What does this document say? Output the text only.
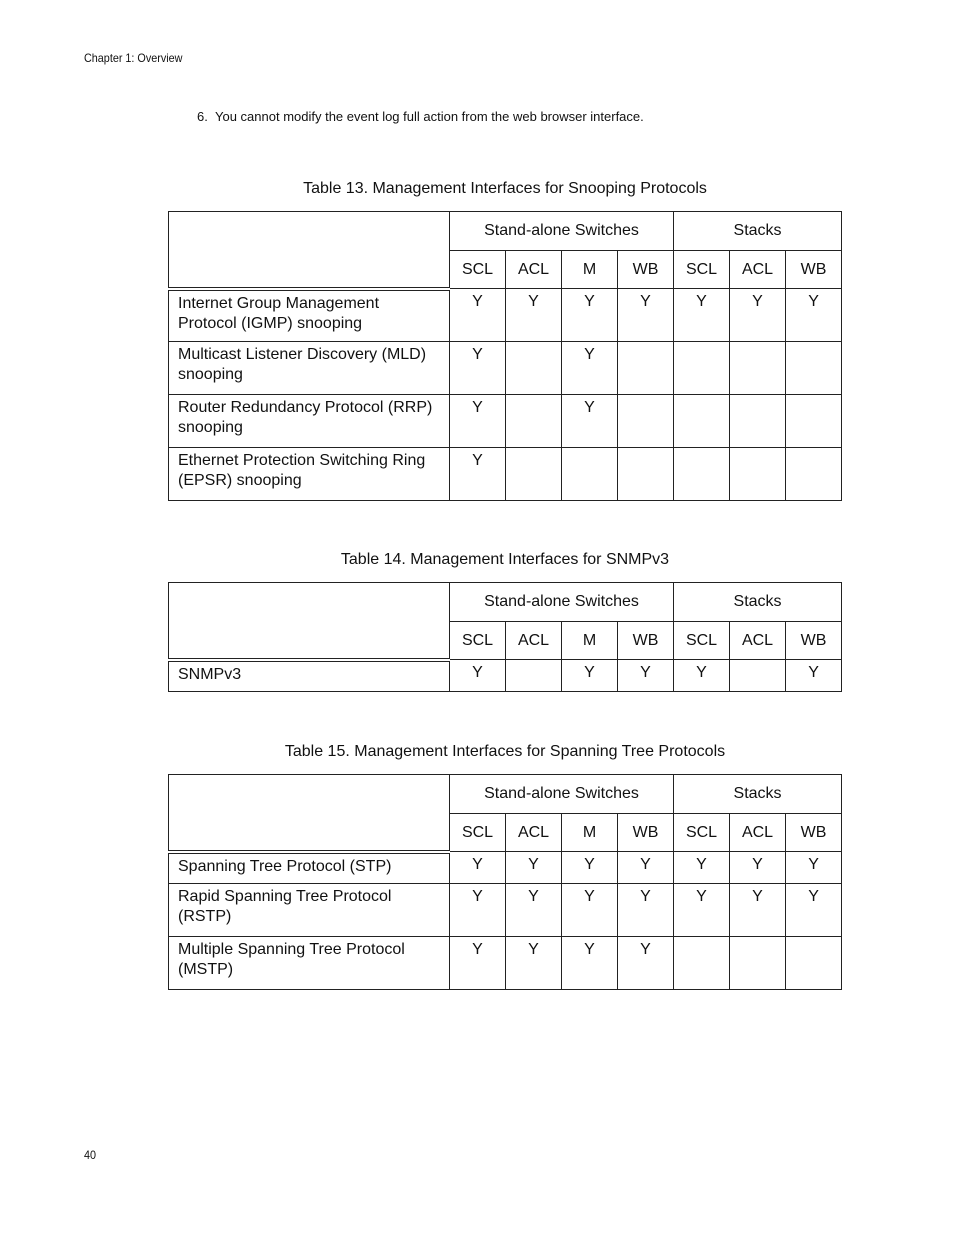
Chapter 1: Overview
6. You cannot modify the event log full action from the web browser interface.
Table 13. Management Interfaces for Snooping Protocols
	Stand-alone Switches				Stacks		
	SCL	ACL	M	WB	SCL	ACL	WB
Internet Group Management Protocol (IGMP) snooping	Y	Y	Y	Y	Y	Y	Y
Multicast Listener Discovery (MLD) snooping	Y		Y				
Router Redundancy Protocol (RRP) snooping	Y		Y				
Ethernet Protection Switching Ring (EPSR) snooping	Y						
Table 14. Management Interfaces for SNMPv3
	Stand-alone Switches				Stacks		
	SCL	ACL	M	WB	SCL	ACL	WB
SNMPv3	Y		Y	Y	Y		Y
Table 15. Management Interfaces for Spanning Tree Protocols
	Stand-alone Switches				Stacks		
	SCL	ACL	M	WB	SCL	ACL	WB
Spanning Tree Protocol (STP)	Y	Y	Y	Y	Y	Y	Y
Rapid Spanning Tree Protocol (RSTP)	Y	Y	Y	Y	Y	Y	Y
Multiple Spanning Tree Protocol (MSTP)	Y	Y	Y	Y			
40
